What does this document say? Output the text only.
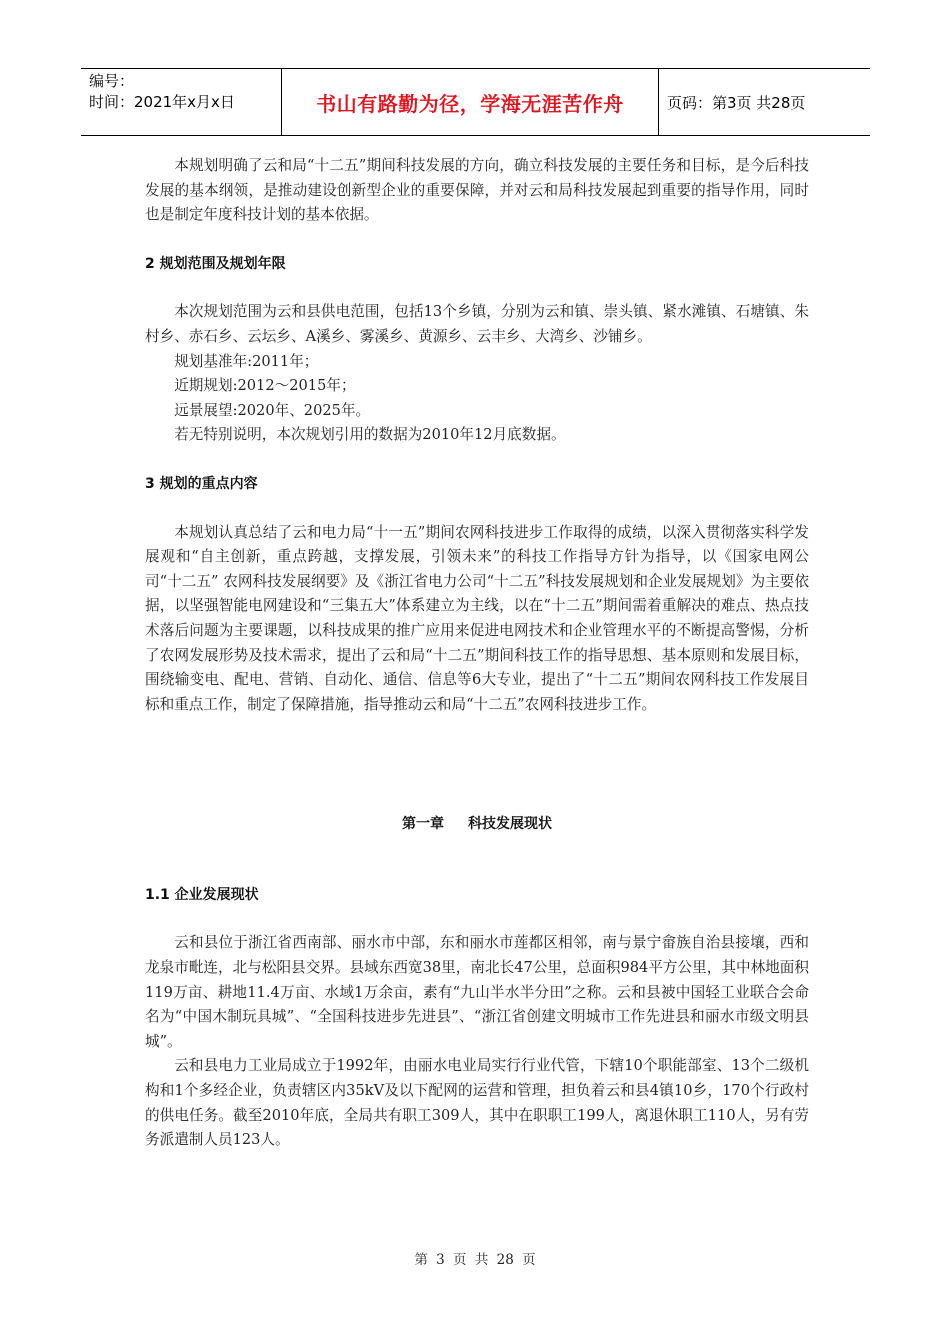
编号：
时间：2021年x月x日	书山有路勤为径，学海无涯苦作舟	页码：第3页 共28页

本规划明确了云和局“十二五”期间科技发展的方向，确立科技发展的主要任务和目标，是今后科技发展的基本纲领，是推动建设创新型企业的重要保障，并对云和局科技发展起到重要的指导作用，同时也是制定年度科技计划的基本依据。

2 规划范围及规划年限

本次规划范围为云和县供电范围，包括13个乡镇，分别为云和镇、崇头镇、紧水滩镇、石塘镇、朱村乡、赤石乡、云坛乡、A溪乡、雾溪乡、黄源乡、云丰乡、大湾乡、沙铺乡。

规划基准年:2011年；
近期规划:2012～2015年；
远景展望:2020年、2025年。
若无特别说明，本次规划引用的数据为2010年12月底数据。
3 规划的重点内容

本规划认真总结了云和电力局“十一五”期间农网科技进步工作取得的成绩，以深入贯彻落实科学发展观和“自主创新，重点跨越，支撑发展，引领未来”的科技工作指导方针为指导，以《国家电网公司“十二五” 农网科技发展纲要》及《浙江省电力公司“十二五”科技发展规划和企业发展规划》为主要依据，以坚强智能电网建设和“三集五大”体系建立为主线，以在“十二五”期间需着重解决的难点、热点技术落后问题为主要课题，以科技成果的推广应用来促进电网技术和企业管理水平的不断提高警惕，分析了农网发展形势及技术需求，提出了云和局“十二五”期间科技工作的指导思想、基本原则和发展目标，围绕输变电、配电、营销、自动化、通信、信息等6大专业，提出了“十二五”期间农网科技工作发展目标和重点工作，制定了保障措施，指导推动云和局“十二五”农网科技进步工作。

第一章 科技发展现状
1.1 企业发展现状

云和县位于浙江省西南部、丽水市中部，东和丽水市莲都区相邻，南与景宁畲族自治县接壤，西和龙泉市毗连，北与松阳县交界。县域东西宽38里，南北长47公里，总面积984平方公里，其中林地面积119万亩、耕地11.4万亩、水域1万余亩，素有“九山半水半分田”之称。云和县被中国轻工业联合会命名为“中国木制玩具城”、“全国科技进步先进县”、“浙江省创建文明城市工作先进县和丽水市级文明县城”。

云和县电力工业局成立于1992年，由丽水电业局实行行业代管，下辖10个职能部室、13个二级机构和1个多经企业，负责辖区内35kV及以下配网的运营和管理，担负着云和县4镇10乡，170个行政村的供电任务。截至2010年底，全局共有职工309人，其中在职职工199人，离退休职工110人，另有劳务派遣制人员123人。

第 3 页 共 28 页
